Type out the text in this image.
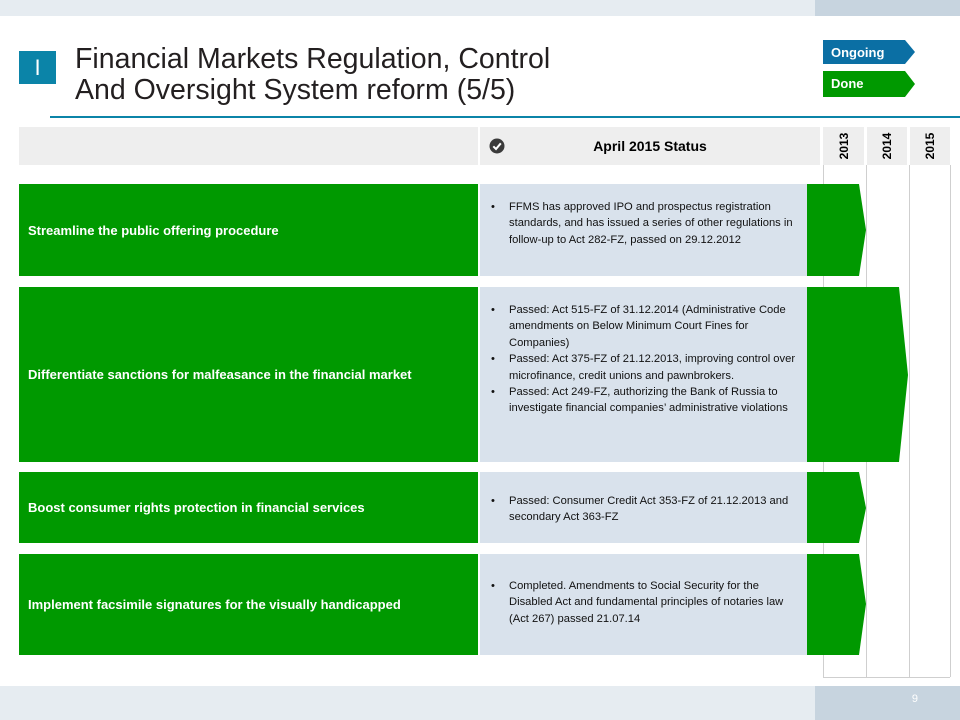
I	Financial Markets Regulation, Control
And Oversight System reform (5/5)
Ongoing
Done
April 2015 Status	2013 2014 2015
Streamline the public offering procedure
• FFMS has approved IPO and prospectus registration standards, and has issued a series of other regulations in follow-up to Act 282-FZ, passed on 29.12.2012
Differentiate sanctions for malfeasance in the financial market
• Passed: Act 515-FZ of 31.12.2014 (Administrative Code amendments on Below Minimum Court Fines for Companies)
• Passed: Act 375-FZ of 21.12.2013, improving control over microfinance, credit unions and pawnbrokers.
• Passed: Act 249-FZ, authorizing the Bank of Russia to investigate financial companies’ administrative violations
Boost consumer rights protection in financial services
•	Passed: Consumer Credit Act 353-FZ of 21.12.2013 and secondary Act 363-FZ
Implement facsimile signatures for the visually handicapped
• Completed. Amendments to Social Security for the Disabled Act and fundamental principles of notaries law (Act 267) passed 21.07.14
9
